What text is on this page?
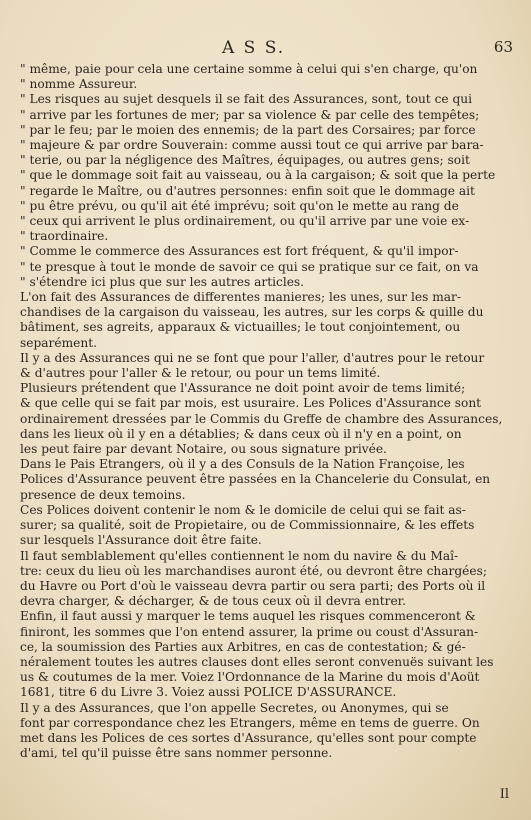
A S S.	63
" même, paie pour cela une certaine somme à celui qui s'en charge, qu'on
" nomme Assureur.
" Les risques au sujet desquels il se fait des Assurances, sont, tout ce qui
" arrive par les fortunes de mer; par sa violence & par celle des tempêtes;
" par le feu; par le moien des ennemis; de la part des Corsaires; par force
" majeure & par ordre Souverain: comme aussi tout ce qui arrive par bara-
" terie, ou par la négligence des Maîtres, équipages, ou autres gens; soit
" que le dommage soit fait au vaisseau, ou à la cargaison; & soit que la perte
" regarde le Maître, ou d'autres personnes: enfin soit que le dommage ait
" pu être prévu, ou qu'il ait été imprévu; soit qu'on le mette au rang de
" ceux qui arrivent le plus ordinairement, ou qu'il arrive par une voie ex-
" traordinaire.
" Comme le commerce des Assurances est fort fréquent, & qu'il impor-
" te presque à tout le monde de savoir ce qui se pratique sur ce fait, on va
" s'étendre ici plus que sur les autres articles.
L'on fait des Assurances de differentes manieres; les unes, sur les mar-
chandises de la cargaison du vaisseau, les autres, sur les corps & quille du
bâtiment, ses agreits, apparaux & victuailles; le tout conjointement, ou
separément.
Il y a des Assurances qui ne se font que pour l'aller, d'autres pour le retour
& d'autres pour l'aller & le retour, ou pour un tems limité.
Plusieurs prétendent que l'Assurance ne doit point avoir de tems limité;
& que celle qui se fait par mois, est usuraire. Les Polices d'Assurance sont
ordinairement dressées par le Commis du Greffe de chambre des Assurances,
dans les lieux où il y en a détablies; & dans ceux où il n'y en a point, on
les peut faire par devant Notaire, ou sous signature privée.
Dans le Pais Etrangers, où il y a des Consuls de la Nation Françoise, les
Polices d'Assurance peuvent être passées en la Chancelerie du Consulat, en
presence de deux temoins.
Ces Polices doivent contenir le nom & le domicile de celui qui se fait as-
surer; sa qualité, soit de Propietaire, ou de Commissionnaire, & les effets
sur lesquels l'Assurance doit être faite.
Il faut semblablement qu'elles contiennent le nom du navire & du Maî-
tre: ceux du lieu où les marchandises auront été, ou devront être chargées;
du Havre ou Port d'où le vaisseau devra partir ou sera parti; des Ports où il
devra charger, & décharger, & de tous ceux où il devra entrer.
Enfin, il faut aussi y marquer le tems auquel les risques commenceront &
finiront, les sommes que l'on entend assurer, la prime ou coust d'Assuran-
ce, la soumission des Parties aux Arbitres, en cas de contestation; & gé-
néralement toutes les autres clauses dont elles seront convenuës suivant les
us & coutumes de la mer. Voiez l'Ordonnance de la Marine du mois d'Aoüt
1681, titre 6 du Livre 3. Voiez aussi POLICE D'ASSURANCE.
Il y a des Assurances, que l'on appelle Secretes, ou Anonymes, qui se
font par correspondance chez les Etrangers, même en tems de guerre. On
met dans les Polices de ces sortes d'Assurance, qu'elles sont pour compte
d'ami, tel qu'il puisse être sans nommer personne.
Il
